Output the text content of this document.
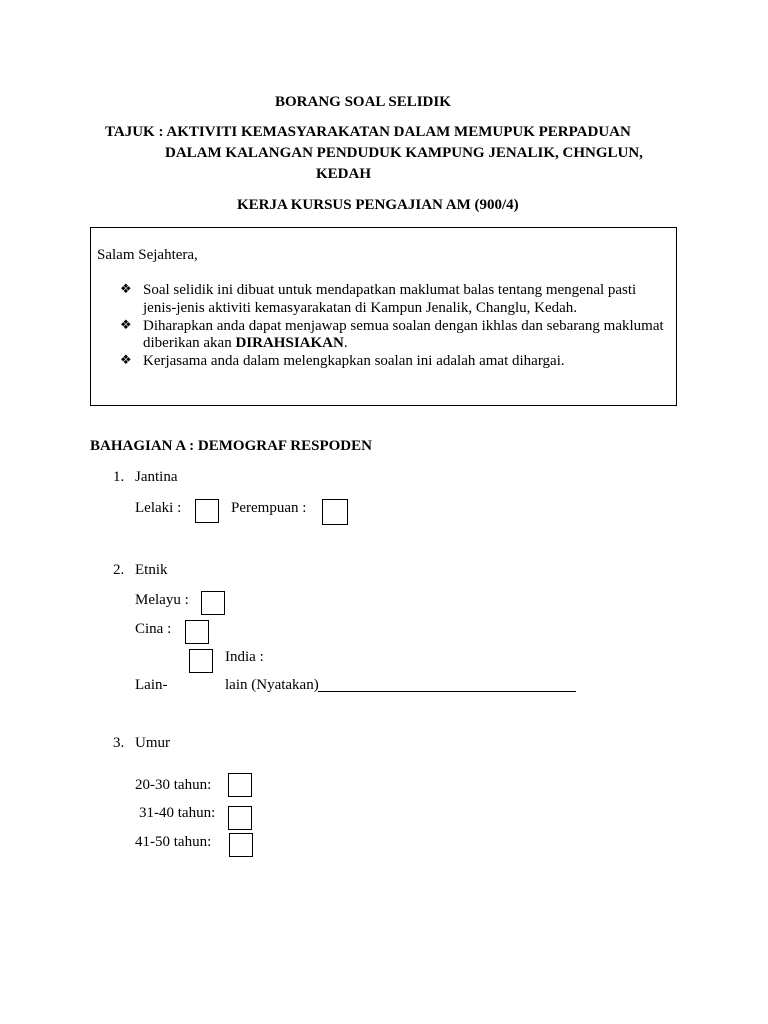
BORANG SOAL SELIDIK
TAJUK : AKTIVITI KEMASYARAKATAN DALAM MEMUPUK PERPADUAN
DALAM KALANGAN PENDUDUK KAMPUNG JENALIK, CHNGLUN,
KEDAH
KERJA KURSUS PENGAJIAN AM (900/4)
Salam Sejahtera,
❖ Soal selidik ini dibuat untuk mendapatkan maklumat balas tentang mengenal pasti
jenis-jenis aktiviti kemasyarakatan di Kampun Jenalik, Changlu, Kedah.
❖ Diharapkan anda dapat menjawap semua soalan dengan ikhlas dan sebarang maklumat
diberikan akan DIRAHSIAKAN.
❖ Kerjasama anda dalam melengkapkan soalan ini adalah amat dihargai.
BAHAGIAN A : DEMOGRAF RESPODEN
1. Jantina
Lelaki :	Perempuan :
2. Etnik
Melayu :
Cina :
India :
Lain-	lain (Nyatakan)
3. Umur
20-30 tahun:
31-40 tahun:
41-50 tahun:
